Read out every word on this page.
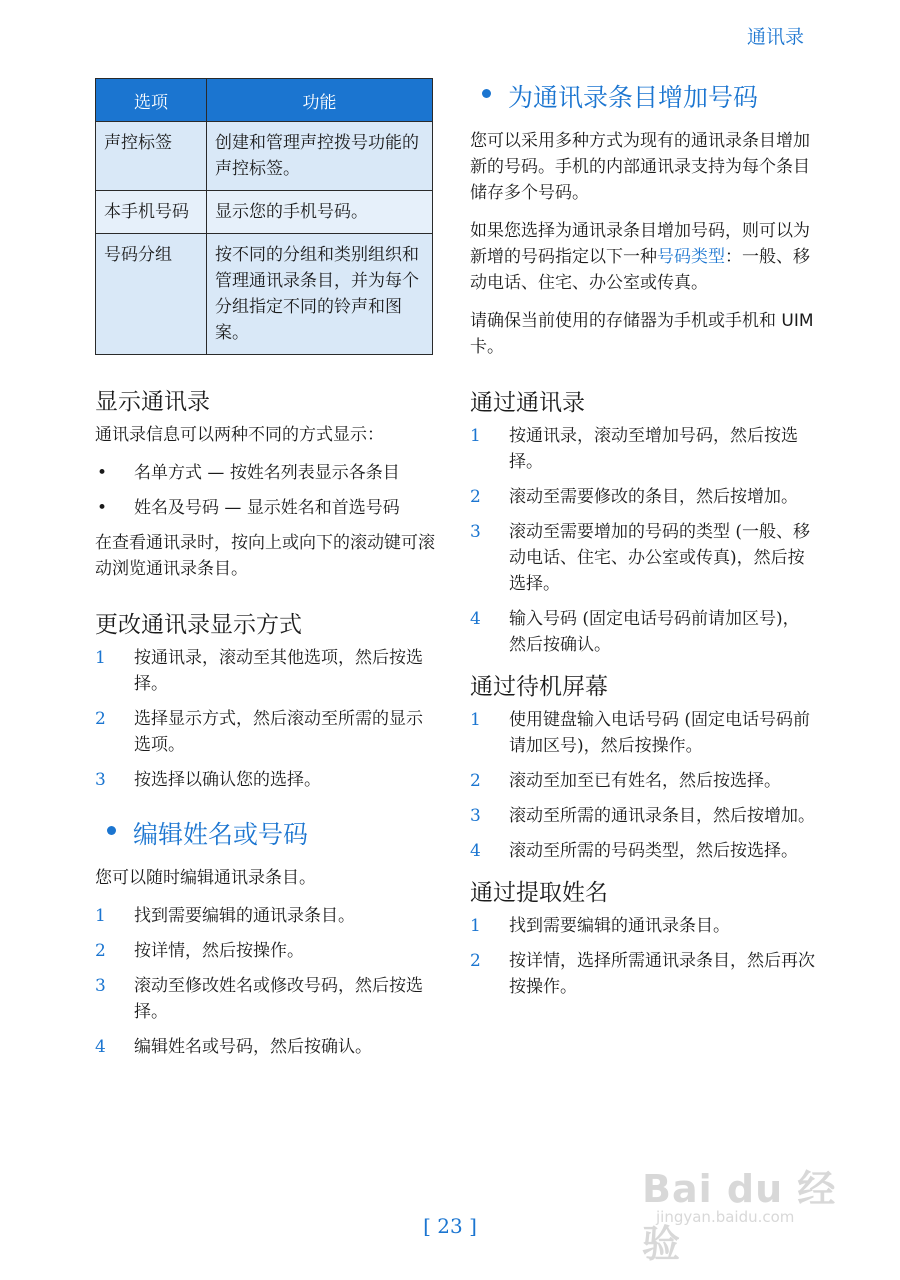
通讯录
选项	功能
声控标签	创建和管理声控拨号功能的声控标签。
本手机号码	显示您的手机号码。
号码分组	按不同的分组和类别组织和管理通讯录条目，并为每个分组指定不同的铃声和图案。
显示通讯录

通讯录信息可以两种不同的方式显示：

• 名单方式 — 按姓名列表显示各条目
• 姓名及号码 — 显示姓名和首选号码

在查看通讯录时，按向上或向下的滚动键可滚动浏览通讯录条目。

更改通讯录显示方式
1 按通讯录，滚动至其他选项，然后按选择。
2 选择显示方式，然后滚动至所需的显示选项。
3 按选择以确认您的选择。
编辑姓名或号码

您可以随时编辑通讯录条目。

1 找到需要编辑的通讯录条目。
2 按详情，然后按操作。
3 滚动至修改姓名或修改号码，然后按选择。
4 编辑姓名或号码，然后按确认。
为通讯录条目增加号码

您可以采用多种方式为现有的通讯录条目增加新的号码。手机的内部通讯录支持为每个条目储存多个号码。

如果您选择为通讯录条目增加号码，则可以为新增的号码指定以下一种号码类型：一般、移动电话、住宅、办公室或传真。

请确保当前使用的存储器为手机或手机和 UIM 卡。

通过通讯录
1 按通讯录，滚动至增加号码，然后按选择。
2 滚动至需要修改的条目，然后按增加。
3 滚动至需要增加的号码的类型 (一般、移动电话、住宅、办公室或传真)，然后按选择。
4 输入号码 (固定电话号码前请加区号)，然后按确认。
通过待机屏幕
1 使用键盘输入电话号码 (固定电话号码前请加区号)，然后按操作。
2 滚动至加至已有姓名，然后按选择。
3 滚动至所需的通讯录条目，然后按增加。
4 滚动至所需的号码类型，然后按选择。
通过提取姓名
1 找到需要编辑的通讯录条目。
2 按详情，选择所需通讯录条目，然后再次按操作。
Bai du 经验
jingyan.baidu.com
[ 23 ]
